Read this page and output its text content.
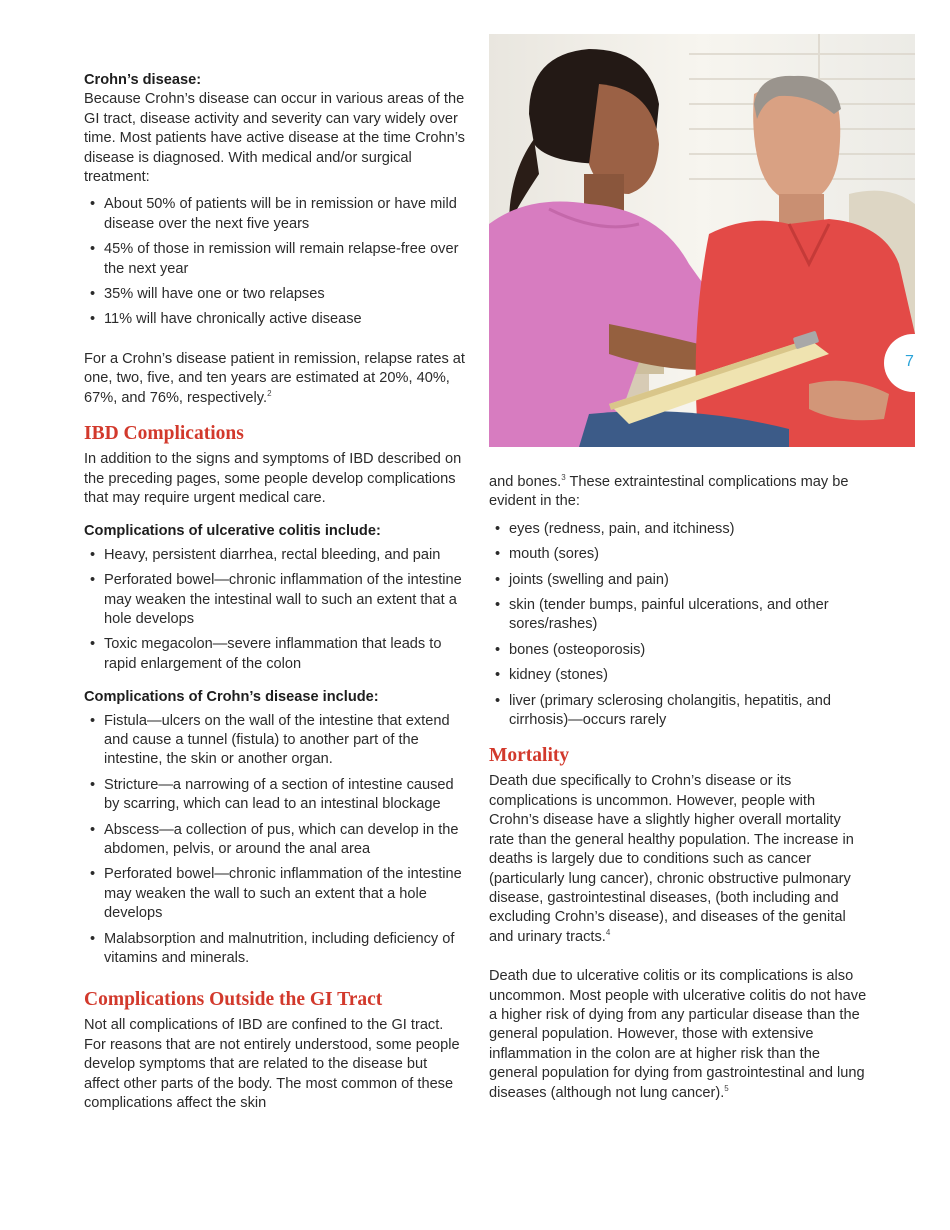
Crohn’s disease:

Because Crohn’s disease can occur in various areas of the GI tract, disease activity and severity can vary widely over time. Most patients have active disease at the time Crohn’s disease is diagnosed. With medical and/or surgical treatment:

• About 50% of patients will be in remission or have mild disease over the next five years
• 45% of those in remission will remain relapse-free over the next year
• 35% will have one or two relapses
• 11% will have chronically active disease

For a Crohn’s disease patient in remission, relapse rates at one, two, five, and ten years are estimated at 20%, 40%, 67%, and 76%, respectively.$^2$

IBD Complications

In addition to the signs and symptoms of IBD described on the preceding pages, some people develop complications that may require urgent medical care.

Complications of ulcerative colitis include:

• Heavy, persistent diarrhea, rectal bleeding, and pain
• Perforated bowel—chronic inflammation of the intestine may weaken the intestinal wall to such an extent that a hole develops
• Toxic megacolon—severe inflammation that leads to rapid enlargement of the colon

Complications of Crohn’s disease include:

• Fistula—ulcers on the wall of the intestine that extend and cause a tunnel (fistula) to another part of the intestine, the skin or another organ.
• Stricture—a narrowing of a section of intestine caused by scarring, which can lead to an intestinal blockage
• Abscess—a collection of pus, which can develop in the abdomen, pelvis, or around the anal area
• Perforated bowel—chronic inflammation of the intestine may weaken the wall to such an extent that a hole develops
• Malabsorption and malnutrition, including deficiency of vitamins and minerals.
Complications Outside the GI Tract

Not all complications of IBD are confined to the GI tract. For reasons that are not entirely understood, some people develop symptoms that are related to the disease but affect other parts of the body. The most common of these complications affect the skin

7

and bones.$^3$ These extraintestinal complications may be evident in the:

• eyes (redness, pain, and itchiness)
• mouth (sores)
• joints (swelling and pain)
• skin (tender bumps, painful ulcerations, and other sores/rashes)
• bones (osteoporosis)
• kidney (stones)
• liver (primary sclerosing cholangitis, hepatitis, and cirrhosis)—occurs rarely
Mortality

Death due specifically to Crohn’s disease or its complications is uncommon. However, people with Crohn’s disease have a slightly higher overall mortality rate than the general healthy population. The increase in deaths is largely due to conditions such as cancer (particularly lung cancer), chronic obstructive pulmonary disease, gastrointestinal diseases, (both including and excluding Crohn’s disease), and diseases of the genital and urinary tracts.$^4$

Death due to ulcerative colitis or its complications is also uncommon. Most people with ulcerative colitis do not have a higher risk of dying from any particular disease than the general population. However, those with extensive inflammation in the colon are at higher risk than the general population for dying from gastrointestinal and lung diseases (although not lung cancer).$^5$
